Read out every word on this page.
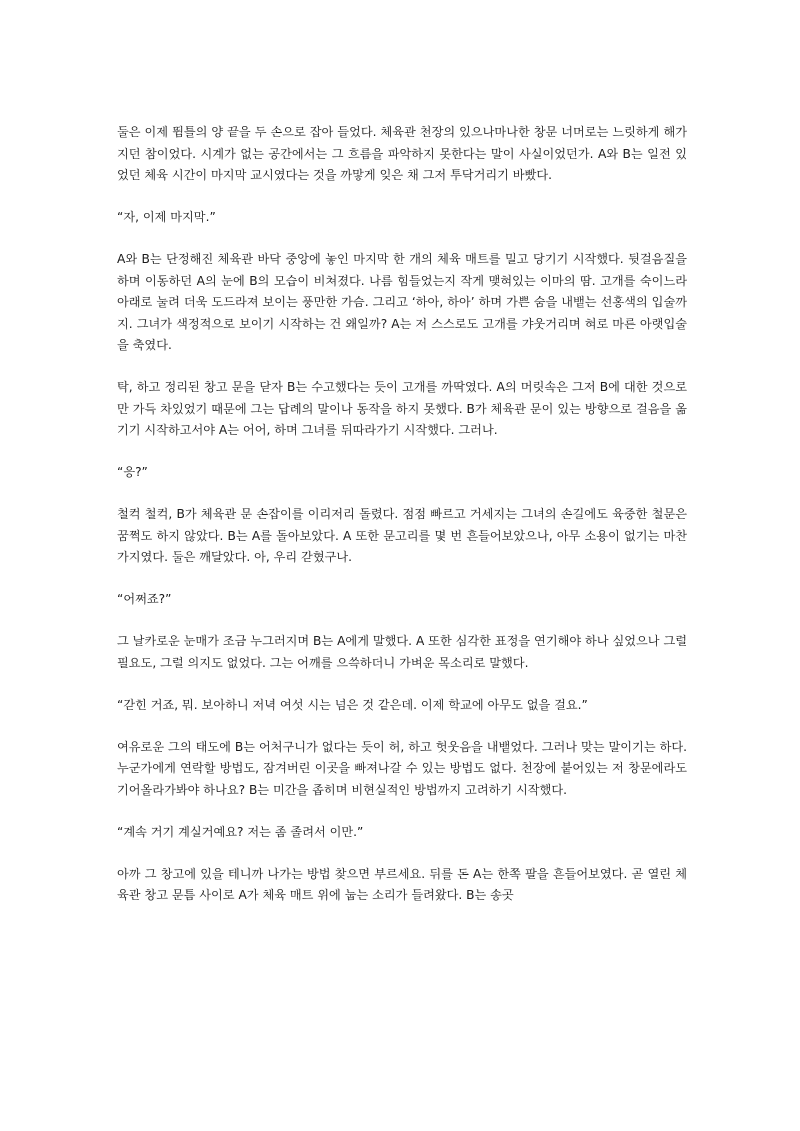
둘은 이제 뜀틀의 양 끝을 두 손으로 잡아 들었다. 체육관 천장의 있으나마나한 창문 너머로는 느릿하게 해가 지던 참이었다. 시계가 없는 공간에서는 그 흐름을 파악하지 못한다는 말이 사실이었던가. A와 B는 일전 있었던 체육 시간이 마지막 교시였다는 것을 까맣게 잊은 채 그저 투닥거리기 바빴다.

“자, 이제 마지막.”

A와 B는 단정해진 체육관 바닥 중앙에 놓인 마지막 한 개의 체육 매트를 밀고 당기기 시작했다. 뒷걸음질을 하며 이동하던 A의 눈에 B의 모습이 비쳐졌다. 나름 힘들었는지 작게 맺혀있는 이마의 땀. 고개를 숙이느라 아래로 눌려 더욱 도드라져 보이는 풍만한 가슴. 그리고 ‘하아, 하아’ 하며 가쁜 숨을 내뱉는 선홍색의 입술까지. 그녀가 색정적으로 보이기 시작하는 건 왜일까? A는 저 스스로도 고개를 갸웃거리며 혀로 마른 아랫입술을 축였다.

탁, 하고 정리된 창고 문을 닫자 B는 수고했다는 듯이 고개를 까딱였다. A의 머릿속은 그저 B에 대한 것으로만 가득 차있었기 때문에 그는 답례의 말이나 동작을 하지 못했다. B가 체육관 문이 있는 방향으로 걸음을 옮기기 시작하고서야 A는 어어, 하며 그녀를 뒤따라가기 시작했다. 그러나.

“응?”

철컥 철컥, B가 체육관 문 손잡이를 이리저리 돌렸다. 점점 빠르고 거세지는 그녀의 손길에도 육중한 철문은 꿈쩍도 하지 않았다. B는 A를 돌아보았다. A 또한 문고리를 몇 번 흔들어보았으나, 아무 소용이 없기는 마찬가지였다. 둘은 깨달았다. 아, 우리 갇혔구나.

“어쩌죠?”

그 날카로운 눈매가 조금 누그러지며 B는 A에게 말했다. A 또한 심각한 표정을 연기해야 하나 싶었으나 그럴 필요도, 그럴 의지도 없었다. 그는 어깨를 으쓱하더니 가벼운 목소리로 말했다.

“갇힌 거죠, 뭐. 보아하니 저녁 여섯 시는 넘은 것 같은데. 이제 학교에 아무도 없을 걸요.”

여유로운 그의 태도에 B는 어처구니가 없다는 듯이 허, 하고 헛웃음을 내뱉었다. 그러나 맞는 말이기는 하다. 누군가에게 연락할 방법도, 잠겨버린 이곳을 빠져나갈 수 있는 방법도 없다. 천장에 붙어있는 저 창문에라도 기어올라가봐야 하나요? B는 미간을 좁히며 비현실적인 방법까지 고려하기 시작했다.

“계속 거기 계실거예요? 저는 좀 졸려서 이만.”

아까 그 창고에 있을 테니까 나가는 방법 찾으면 부르세요. 뒤를 돈 A는 한쪽 팔을 흔들어보였다. 곧 열린 체육관 창고 문틈 사이로 A가 체육 매트 위에 눕는 소리가 들려왔다. B는 송곳
